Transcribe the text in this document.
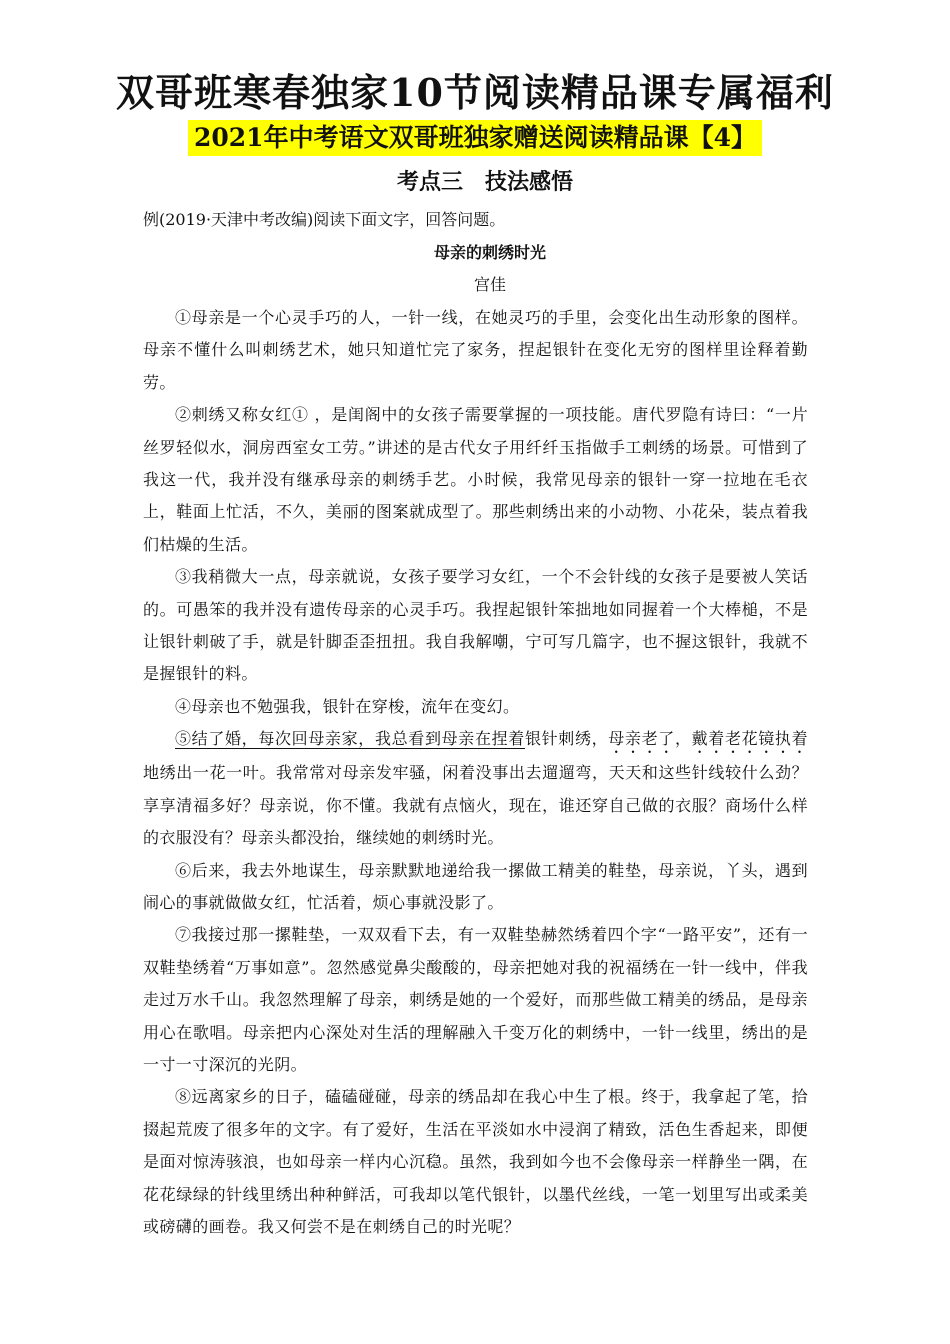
双哥班寒春独家10节阅读精品课专属福利
2021年中考语文双哥班独家赠送阅读精品课【4】
考点三　技法感悟
例(2019·天津中考改编)阅读下面文字，回答问题。
母亲的刺绣时光
宫佳

①母亲是一个心灵手巧的人，一针一线，在她灵巧的手里，会变化出生动形象的图样。母亲不懂什么叫刺绣艺术，她只知道忙完了家务，捏起银针在变化无穷的图样里诠释着勤劳。

②刺绣又称女红① ，是闺阁中的女孩子需要掌握的一项技能。唐代罗隐有诗曰：“一片丝罗轻似水，洞房西室女工劳。”讲述的是古代女子用纤纤玉指做手工刺绣的场景。可惜到了我这一代，我并没有继承母亲的刺绣手艺。小时候，我常见母亲的银针一穿一拉地在毛衣上，鞋面上忙活，不久，美丽的图案就成型了。那些刺绣出来的小动物、小花朵，装点着我们枯燥的生活。

③我稍微大一点，母亲就说，女孩子要学习女红，一个不会针线的女孩子是要被人笑话的。可愚笨的我并没有遗传母亲的心灵手巧。我捏起银针笨拙地如同握着一个大棒槌，不是让银针刺破了手，就是针脚歪歪扭扭。我自我解嘲，宁可写几篇字，也不握这银针，我就不是握银针的料。

④母亲也不勉强我，银针在穿梭，流年在变幻。

⑤结了婚，每次回母亲家，我总看到母亲在捏着银针刺绣，母亲老了，戴着老花镜执着地绣出一花一叶。我常常对母亲发牢骚，闲着没事出去遛遛弯，天天和这些针线较什么劲？享享清福多好？母亲说，你不懂。我就有点恼火，现在，谁还穿自己做的衣服？商场什么样的衣服没有？母亲头都没抬，继续她的刺绣时光。

⑥后来，我去外地谋生，母亲默默地递给我一摞做工精美的鞋垫，母亲说，丫头，遇到闹心的事就做做女红，忙活着，烦心事就没影了。

⑦我接过那一摞鞋垫，一双双看下去，有一双鞋垫赫然绣着四个字“一路平安”，还有一双鞋垫绣着“万事如意”。忽然感觉鼻尖酸酸的，母亲把她对我的祝福绣在一针一线中，伴我走过万水千山。我忽然理解了母亲，刺绣是她的一个爱好，而那些做工精美的绣品，是母亲用心在歌唱。母亲把内心深处对生活的理解融入千变万化的刺绣中，一针一线里，绣出的是一寸一寸深沉的光阴。

⑧远离家乡的日子，磕磕碰碰，母亲的绣品却在我心中生了根。终于，我拿起了笔，拾掇起荒废了很多年的文字。有了爱好，生活在平淡如水中浸润了精致，活色生香起来，即便是面对惊涛骇浪，也如母亲一样内心沉稳。虽然，我到如今也不会像母亲一样静坐一隅，在花花绿绿的针线里绣出种种鲜活，可我却以笔代银针，以墨代丝线，一笔一划里写出或柔美或磅礴的画卷。我又何尝不是在刺绣自己的时光呢？
